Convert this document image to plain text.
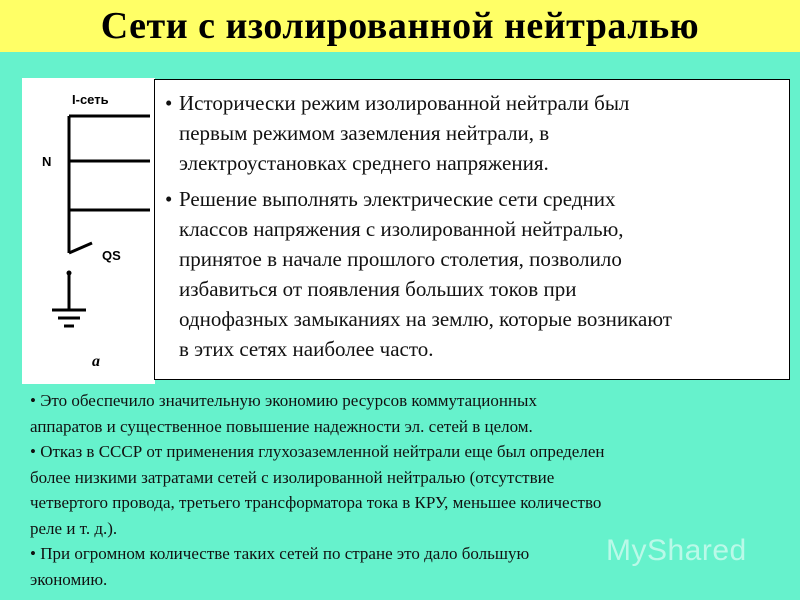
Сети с изолированной нейтралью
I-сеть
N
QS
а
• Исторически режим изолированной нейтрали был
первым режимом заземления нейтрали, в
электроустановках среднего напряжения.
• Решение выполнять электрические сети средних
классов напряжения с изолированной нейтралью,
принятое в начале прошлого столетия, позволило
избавиться от появления больших токов при
однофазных замыканиях на землю, которые возникают
в этих сетях наиболее часто.
• Это обеспечило значительную экономию ресурсов коммутационных
аппаратов и существенное повышение надежности эл. сетей в целом.
• Отказ в СССР от применения глухозаземленной нейтрали еще был определен
более низкими затратами сетей с изолированной нейтралью (отсутствие
четвертого провода, третьего трансформатора тока в КРУ, меньшее количество
реле и т. д.).
• При огромном количестве таких сетей по стране это дало большую
экономию.
MyShared
